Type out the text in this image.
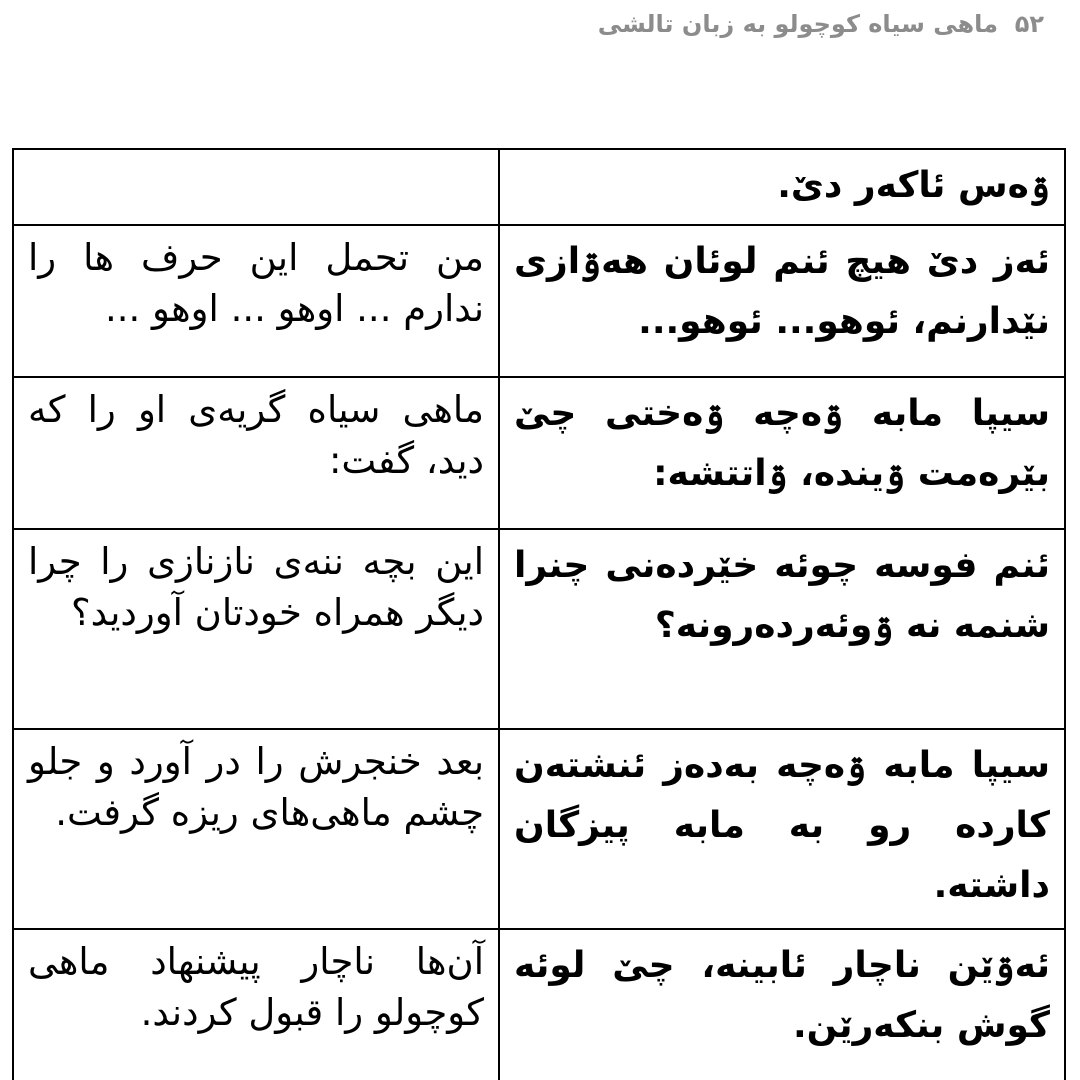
۵۲  ماهی سیاه کوچولو به زبان تالشی
	ۊەس ئاکەر دێ.
من تحمل این حرف ها را ندارم ... اوهو ... اوهو ...	ئەز دێ هیچ ئنم لوئان هەۊازی نێدارنم، ئوهو... ئوهو...
ماهی سیاه گریه‌ی او را که دید، گفت:	سیپا مابە ۊەچە ۊەختی چێ بێرەمت ۊینده، ۊاتتشە:
این بچه ننه‌ی نازنازی را چرا دیگر همراه خودتان آوردید؟	ئنم فوسە چوئە خێردەنی چنرا شنمە نە ۊوئەردەرونە؟
بعد خنجرش را در آورد و جلو چشم ماهی‌های ریزه گرفت.	سیپا مابە ۊەچە بەدەز ئنشتەن کاردە رو بە مابە پیزگان داشتە.
آن‌ها ناچار پیشنهاد ماهی کوچولو را قبول کردند.	ئەۊێن ناچار ئابینە، چێ لوئە گوش بنکەرێن.
